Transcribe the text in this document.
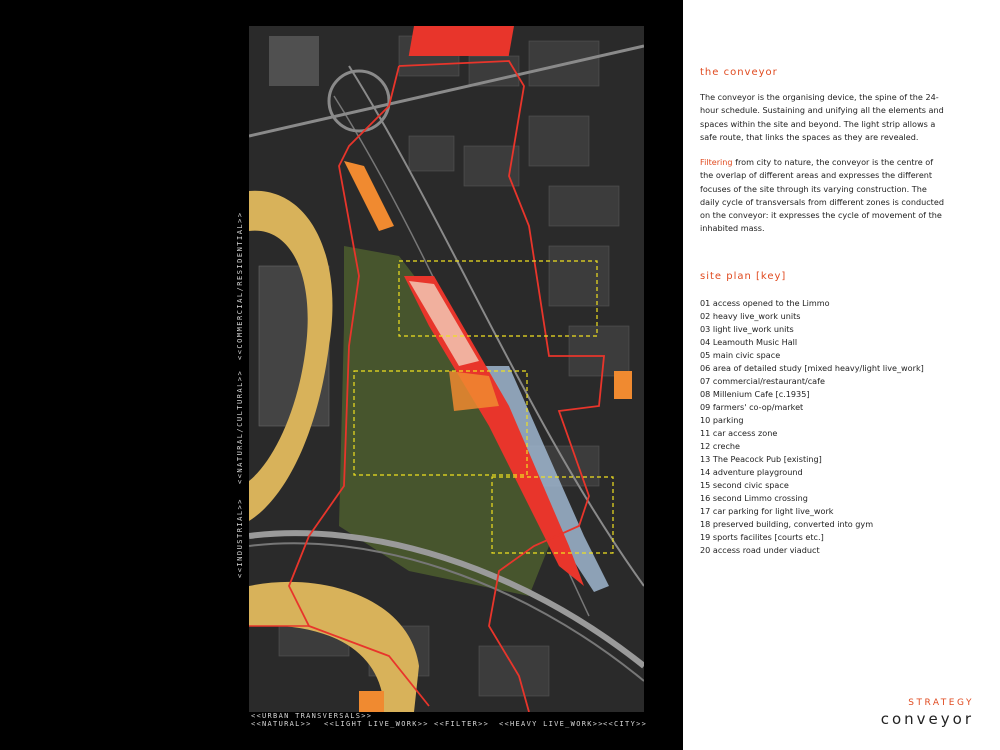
<<INDUSTRIAL>>
<<NATURAL/CULTURAL>>
<<COMMERCIAL/RESIDENTIAL>>
<<URBAN TRANSVERSALS>>
<<NATURAL>> <<LIGHT LIVE_WORK>> <<FILTER>> <<HEAVY LIVE_WORK>> <<CITY>>
the conveyor

The conveyor is the organising device, the spine of the 24-hour schedule. Sustaining and unifying all the elements and spaces within the site and beyond. The light strip allows a safe route, that links the spaces as they are revealed.

Filtering from city to nature, the conveyor is the centre of the overlap of different areas and expresses the different focuses of the site through its varying construction. The daily cycle of transversals from different zones is conducted on the conveyor: it expresses the cycle of movement of the inhabited mass.

site plan [key]
01 access opened to the Limmo
02 heavy live_work units
03 light live_work units
04 Leamouth Music Hall
05 main civic space
06 area of detailed study [mixed heavy/light live_work]
07 commercial/restaurant/cafe
08 Millenium Cafe [c.1935]
09 farmers' co-op/market
10 parking
11 car access zone
12 creche
13 The Peacock Pub [existing]
14 adventure playground
15 second civic space
16 second Limmo crossing
17 car parking for light live_work
18 preserved building, converted into gym
19 sports facilites [courts etc.]
20 access road under viaduct
STRATEGY
conveyor
